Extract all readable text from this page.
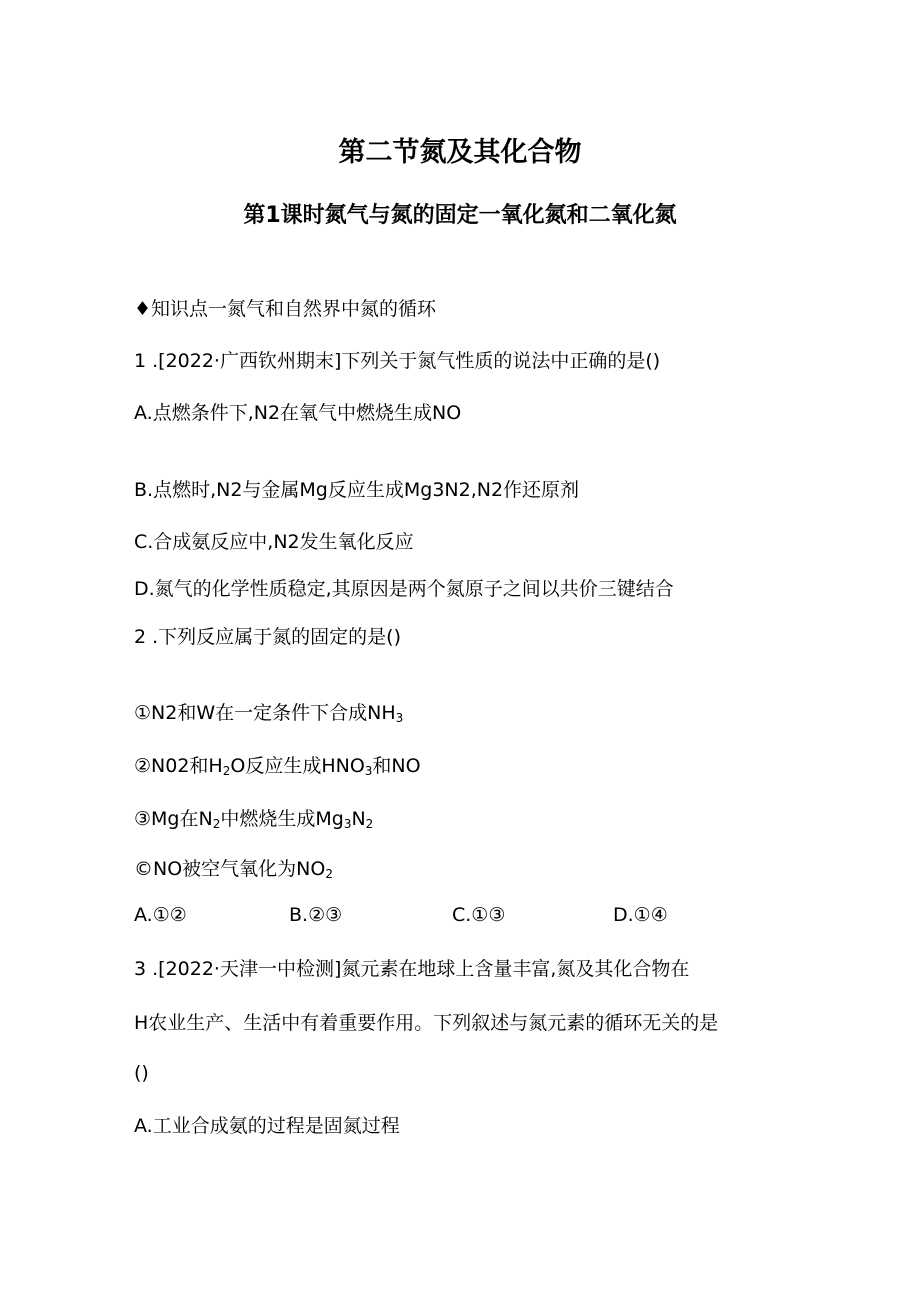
第二节氮及其化合物
第1课时氮气与氮的固定一氧化氮和二氧化氮
♦知识点一氮气和自然界中氮的循环
1 .[2022·广西钦州期末]下列关于氮气性质的说法中正确的是()
A.点燃条件下,N2在氧气中燃烧生成NO
B.点燃时,N2与金属Mg反应生成Mg3N2,N2作还原剂
C.合成氨反应中,N2发生氧化反应
D.氮气的化学性质稳定,其原因是两个氮原子之间以共价三键结合
2 .下列反应属于氮的固定的是()
①N2和W在一定条件下合成$NH_3$
②N02和$H_2O$反应生成$HNO_3$和NO
③Mg在$N_2$中燃烧生成$Mg_3N_2$
©NO被空气氧化为$NO_2$
A.①②	B.②③	C.①③	D.①④
3 .[2022·天津一中检测]氮元素在地球上含量丰富,氮及其化合物在
H农业生产、生活中有着重要作用。下列叙述与氮元素的循环无关的是
()
A.工业合成氨的过程是固氮过程
